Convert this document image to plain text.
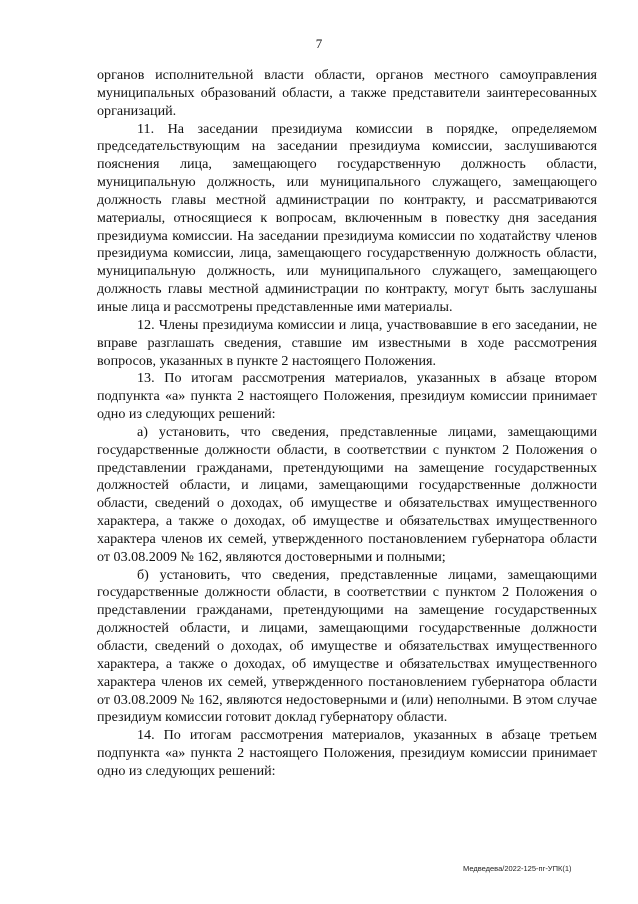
7

органов исполнительной власти области, органов местного самоуправления муниципальных образований области, а также представители заинтересованных организаций.

11. На заседании президиума комиссии в порядке, определяемом председательствующим на заседании президиума комиссии, заслушиваются пояснения лица, замещающего государственную должность области, муниципальную должность, или муниципального служащего, замещающего должность главы местной администрации по контракту, и рассматриваются материалы, относящиеся к вопросам, включенным в повестку дня заседания президиума комиссии. На заседании президиума комиссии по ходатайству членов президиума комиссии, лица, замещающего государственную должность области, муниципальную должность, или муниципального служащего, замещающего должность главы местной администрации по контракту, могут быть заслушаны иные лица и рассмотрены представленные ими материалы.

12. Члены президиума комиссии и лица, участвовавшие в его заседании, не вправе разглашать сведения, ставшие им известными в ходе рассмотрения вопросов, указанных в пункте 2 настоящего Положения.

13. По итогам рассмотрения материалов, указанных в абзаце втором подпункта «а» пункта 2 настоящего Положения, президиум комиссии принимает одно из следующих решений:

а) установить, что сведения, представленные лицами, замещающими государственные должности области, в соответствии с пунктом 2 Положения о представлении гражданами, претендующими на замещение государственных должностей области, и лицами, замещающими государственные должности области, сведений о доходах, об имуществе и обязательствах имущественного характера, а также о доходах, об имуществе и обязательствах имущественного характера членов их семей, утвержденного постановлением губернатора области от 03.08.2009 № 162, являются достоверными и полными;

б) установить, что сведения, представленные лицами, замещающими государственные должности области, в соответствии с пунктом 2 Положения о представлении гражданами, претендующими на замещение государственных должностей области, и лицами, замещающими государственные должности области, сведений о доходах, об имуществе и обязательствах имущественного характера, а также о доходах, об имуществе и обязательствах имущественного характера членов их семей, утвержденного постановлением губернатора области от 03.08.2009 № 162, являются недостоверными и (или) неполными. В этом случае президиум комиссии готовит доклад губернатору области.

14. По итогам рассмотрения материалов, указанных в абзаце третьем подпункта «а» пункта 2 настоящего Положения, президиум комиссии принимает одно из следующих решений:

Медведева/2022-125-пг-УПК(1)
